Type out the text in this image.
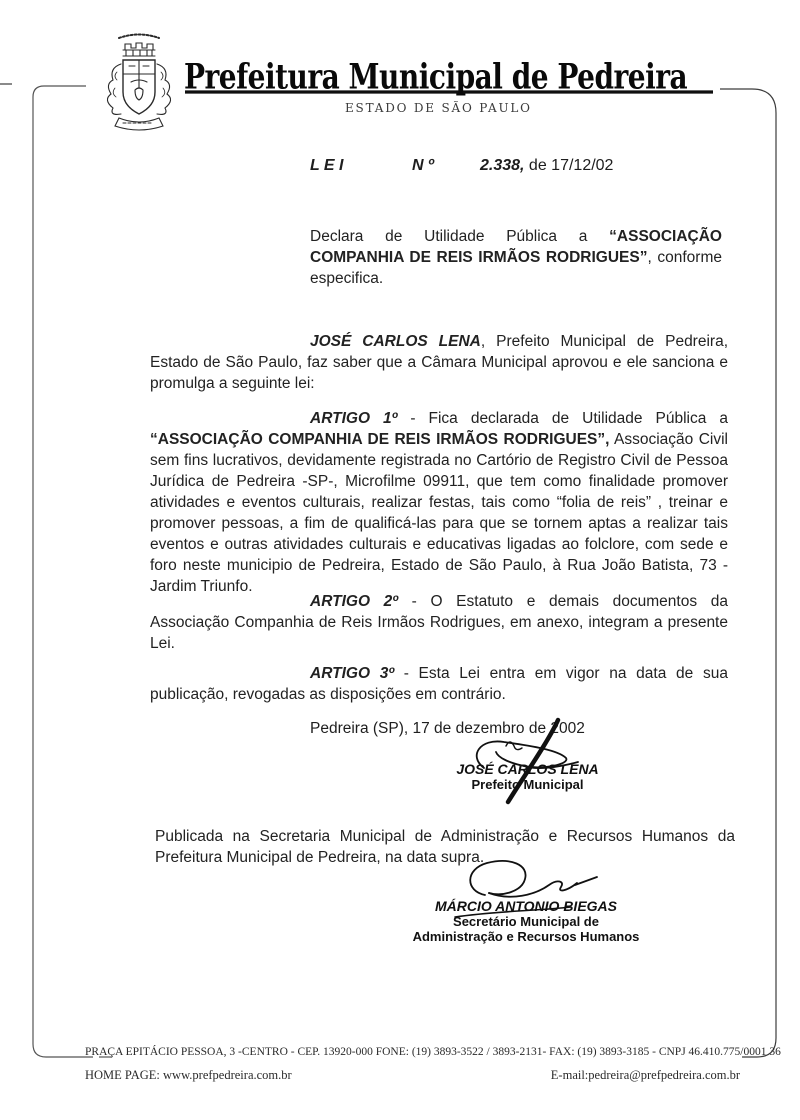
Prefeitura Municipal de Pedreira
ESTADO DE SÃO PAULO
L E I	N º	2.338, de 17/12/02
Declara de Utilidade Pública a “ASSOCIAÇÃO COMPANHIA DE REIS IRMÃOS RODRIGUES”, conforme especifica.
JOSÉ CARLOS LENA, Prefeito Municipal de Pedreira, Estado de São Paulo, faz saber que a Câmara Municipal aprovou e ele sanciona e promulga a seguinte lei:
ARTIGO 1º - Fica declarada de Utilidade Pública a “ASSOCIAÇÃO COMPANHIA DE REIS IRMÃOS RODRIGUES”, Associação Civil sem fins lucrativos, devidamente registrada no Cartório de Registro Civil de Pessoa Jurídica de Pedreira -SP-, Microfilme 09911, que tem como finalidade promover atividades e eventos culturais, realizar festas, tais como “folia de reis” , treinar e promover pessoas, a fim de qualificá-las para que se tornem aptas a realizar tais eventos e outras atividades culturais e educativas ligadas ao folclore, com sede e foro neste municipio de Pedreira, Estado de São Paulo, à Rua João Batista, 73 - Jardim Triunfo.
ARTIGO 2º - O Estatuto e demais documentos da Associação Companhia de Reis Irmãos Rodrigues, em anexo, integram a presente Lei.
ARTIGO 3º - Esta Lei entra em vigor na data de sua publicação, revogadas as disposições em contrário.
Pedreira (SP), 17 de dezembro de 2002
JOSÉ CARLOS LENA
Prefeito Municipal
Publicada na Secretaria Municipal de Administração e Recursos Humanos da Prefeitura Municipal de Pedreira, na data supra.
MÁRCIO ANTONIO BIEGAS
Secretário Municipal de
Administração e Recursos Humanos
PRAÇA EPITÁCIO PESSOA, 3 -CENTRO - CEP. 13920-000 FONE: (19) 3893-3522 / 3893-2131- FAX: (19) 3893-3185 - CNPJ 46.410.775/0001 36
HOME PAGE: www.prefpedreira.com.br	E-mail:pedreira@prefpedreira.com.br
